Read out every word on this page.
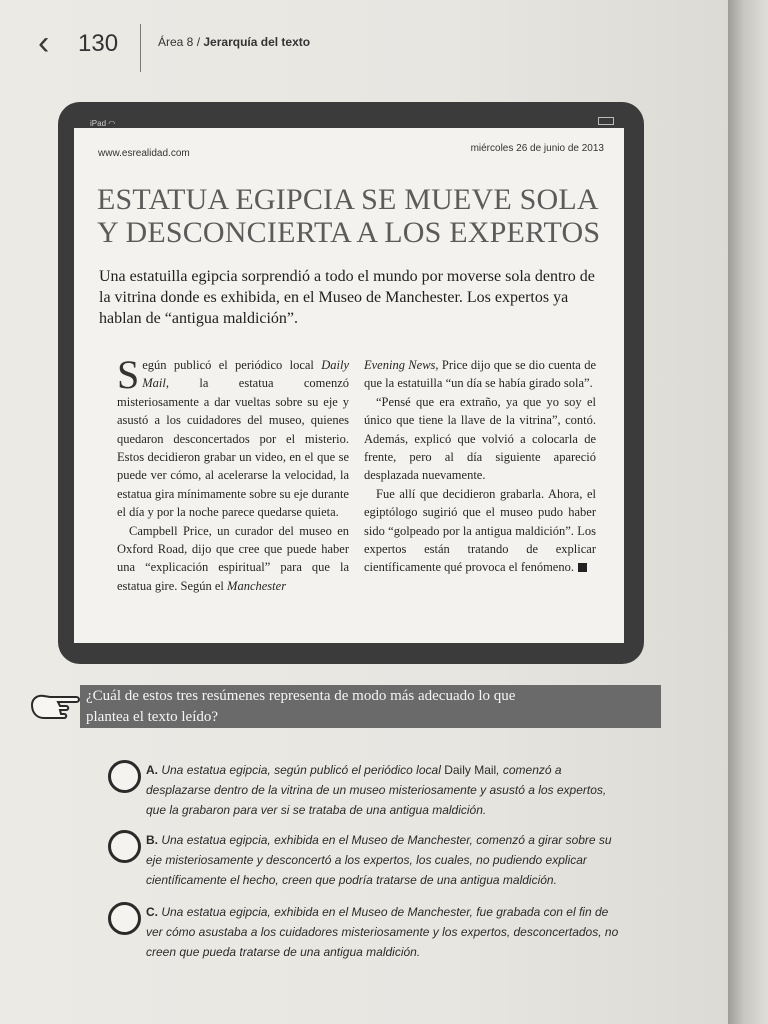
‹ 130	Área 8 / Jerarquía del texto
iPad ◠
www.esrealidad.com	miércoles 26 de junio de 2013
ESTATUA EGIPCIA SE MUEVE SOLA
Y DESCONCIERTA A LOS EXPERTOS
Una estatuilla egipcia sorprendió a todo el mundo por moverse sola dentro de la vitrina donde es exhibida, en el Museo de Manchester. Los expertos ya hablan de “antigua maldición”.

Según publicó el periódico local Daily Mail, la estatua comenzó misteriosamente a dar vueltas sobre su eje y asustó a los cuidadores del museo, quienes quedaron desconcertados por el misterio. Estos decidieron grabar un video, en el que se puede ver cómo, al acelerarse la velocidad, la estatua gira mínimamente sobre su eje durante el día y por la noche parece quedarse quieta.

Campbell Price, un curador del museo en Oxford Road, dijo que cree que puede haber una “explicación espiritual” para que la estatua gire. Según el Manchester

Evening News, Price dijo que se dio cuenta de que la estatuilla “un día se había girado sola”.

“Pensé que era extraño, ya que yo soy el único que tiene la llave de la vitrina”, contó. Además, explicó que volvió a colocarla de frente, pero al día siguiente apareció desplazada nuevamente.

Fue allí que decidieron grabarla. Ahora, el egiptólogo sugirió que el museo pudo haber sido “golpeado por la antigua maldición”. Los expertos están tratando de explicar científicamente qué provoca el fenómeno.

¿Cuál de estos tres resúmenes representa de modo más adecuado lo que
plantea el texto leído?
A. Una estatua egipcia, según publicó el periódico local Daily Mail, comenzó a desplazarse dentro de la vitrina de un museo misteriosamente y asustó a los expertos, que la grabaron para ver si se trataba de una antigua maldición.
B. Una estatua egipcia, exhibida en el Museo de Manchester, comenzó a girar sobre su eje misteriosamente y desconcertó a los expertos, los cuales, no pudiendo explicar científicamente el hecho, creen que podría tratarse de una antigua maldición.
C. Una estatua egipcia, exhibida en el Museo de Manchester, fue grabada con el fin de ver cómo asustaba a los cuidadores misteriosamente y los expertos, desconcertados, no creen que pueda tratarse de una antigua maldición.
